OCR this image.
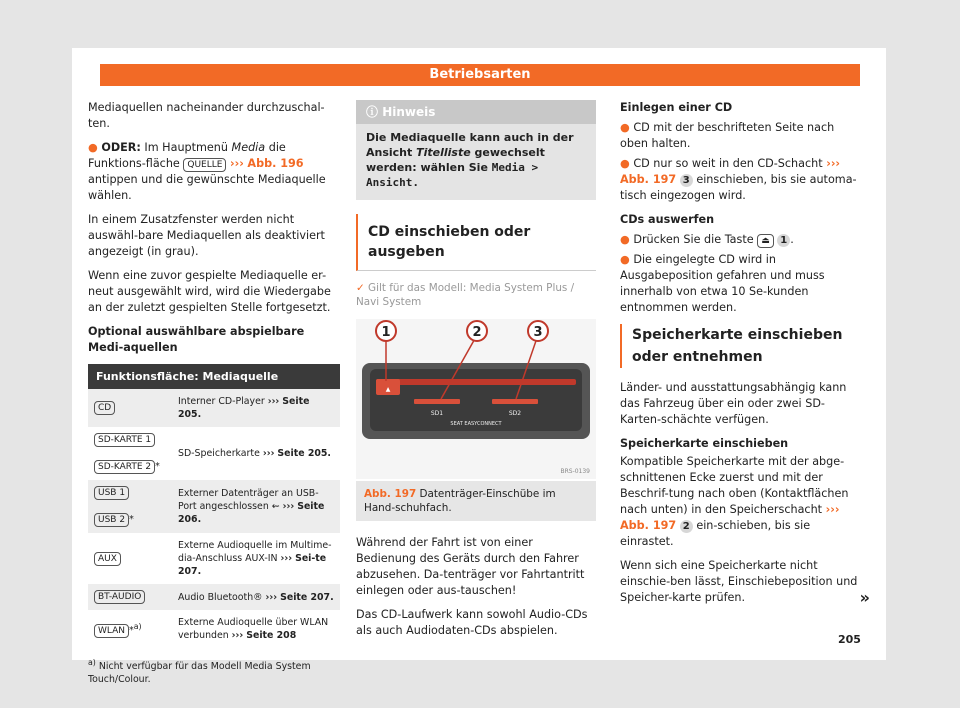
Betriebsarten

Mediaquellen nacheinander durchzuschal-ten.

● ODER: Im Hauptmenü Media die Funktions-fläche QUELLE ››› Abb. 196 antippen und die gewünschte Mediaquelle wählen.

In einem Zusatzfenster werden nicht auswähl-bare Mediaquellen als deaktiviert angezeigt (in grau).

Wenn eine zuvor gespielte Mediaquelle er-neut ausgewählt wird, wird die Wiedergabe an der zuletzt gespielten Stelle fortgesetzt.

Optional auswählbare abspielbare Medi-aquellen

Funktionsfläche: Mediaquelle	
CD	Interner CD-Player ››› Seite 205.
SD-KARTE 1

SD-KARTE 2 *	SD-Speicherkarte ››› Seite 205.
USB 1

USB 2 *	Externer Datenträger an USB-Port angeschlossen ⇜ ››› Seite 206.
AUX	Externe Audioquelle im Multime-dia-Anschluss AUX-IN ››› Sei-te 207.
BT-AUDIO	Audio Bluetooth® ››› Seite 207.
WLAN *$^{a)}$	Externe Audioquelle über WLAN verbunden ››› Seite 208
$^{a)}$ Nicht verfügbar für das Modell Media System Touch/Colour.
ⓘ Hinweis
Die Mediaquelle kann auch in der Ansicht Titelliste gewechselt werden: wählen Sie Media > Ansicht.
CD einschieben oder ausgeben
✓ Gilt für das Modell: Media System Plus / Navi System
▲
SD1	SD2
SEAT EASYCONNECT
1	2	3
BRS-0139
Abb. 197 Datenträger-Einschübe im Hand-schuhfach.

Während der Fahrt ist von einer Bedienung des Geräts durch den Fahrer abzusehen. Da-tenträger vor Fahrtantritt einlegen oder aus-tauschen!

Das CD-Laufwerk kann sowohl Audio-CDs als auch Audiodaten-CDs abspielen.

Einlegen einer CD

● CD mit der beschrifteten Seite nach oben halten.

● CD nur so weit in den CD-Schacht ››› Abb. 197 3 einschieben, bis sie automa-tisch eingezogen wird.

CDs auswerfen

● Drücken Sie die Taste ⏏ 1 .

● Die eingelegte CD wird in Ausgabeposition gefahren und muss innerhalb von etwa 10 Se-kunden entnommen werden.

Speicherkarte einschieben oder entnehmen

Länder- und ausstattungsabhängig kann das Fahrzeug über ein oder zwei SD-Karten-schächte verfügen.

Speicherkarte einschieben

Kompatible Speicherkarte mit der abge-schnittenen Ecke zuerst und mit der Beschrif-tung nach oben (Kontaktflächen nach unten) in den Speicherschacht ››› Abb. 197 2 ein-schieben, bis sie einrastet.

Wenn sich eine Speicherkarte nicht einschie-ben lässt, Einschiebeposition und Speicher-karte prüfen.	»

205
